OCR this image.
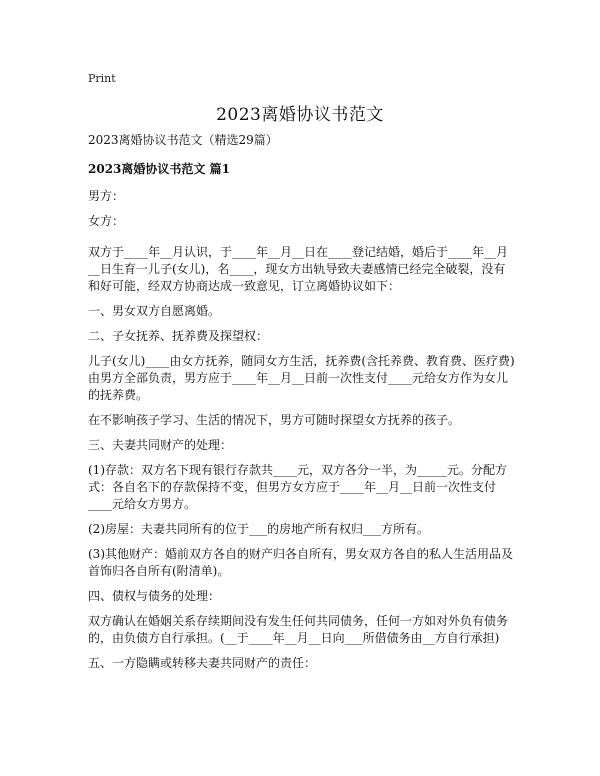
Print
2023离婚协议书范文

2023离婚协议书范文（精选29篇）

2023离婚协议书范文 篇1

男方：

女方：

双方于____年__月认识，于____年__月__日在____登记结婚，婚后于____年__月__日生育一儿子(女儿)，名____，现女方出轨导致夫妻感情已经完全破裂，没有和好可能，经双方协商达成一致意见，订立离婚协议如下：

一、男女双方自愿离婚。

二、子女抚养、抚养费及探望权：

儿子(女儿)____由女方抚养，随同女方生活，抚养费(含托养费、教育费、医疗费)由男方全部负责，男方应于____年__月__日前一次性支付____元给女方作为女儿的抚养费。

在不影响孩子学习、生活的情况下，男方可随时探望女方抚养的孩子。

三、夫妻共同财产的处理：

(1)存款：双方名下现有银行存款共____元，双方各分一半，为_____元。分配方式：各自名下的存款保持不变，但男方女方应于____年__月__日前一次性支付____元给女方男方。

(2)房屋：夫妻共同所有的位于___的房地产所有权归___方所有。

(3)其他财产：婚前双方各自的财产归各自所有，男女双方各自的私人生活用品及首饰归各自所有(附清单)。

四、债权与债务的处理：

双方确认在婚姻关系存续期间没有发生任何共同债务，任何一方如对外负有债务的，由负债方自行承担。(__于____年__月__日向___所借债务由__方自行承担)

五、一方隐瞒或转移夫妻共同财产的责任：
